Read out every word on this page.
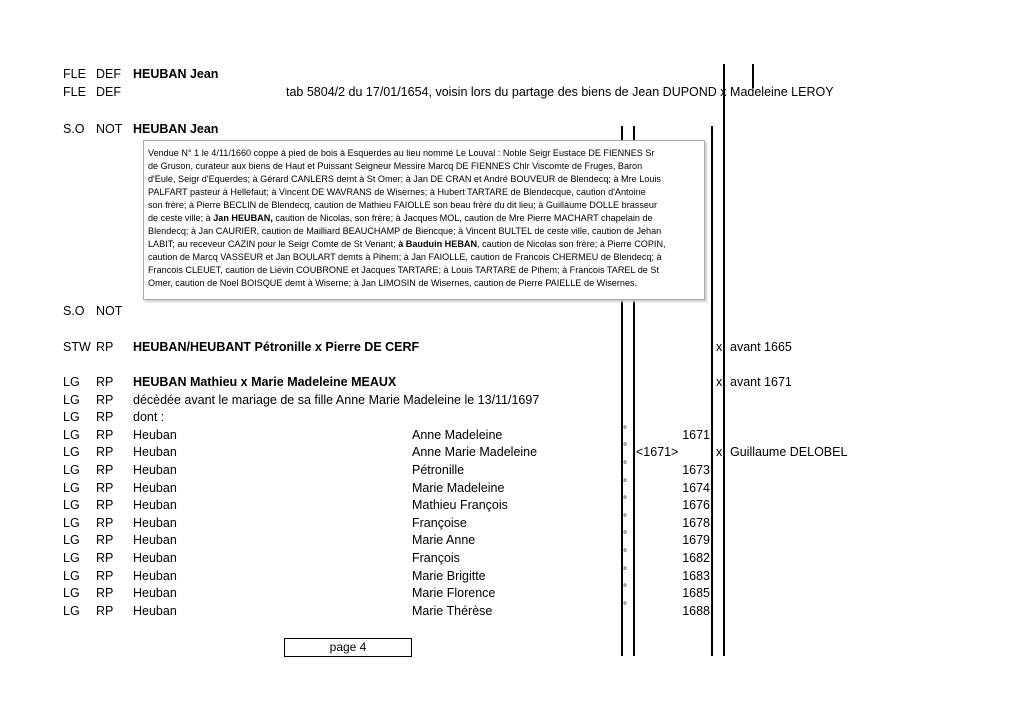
FLE DEF HEUBAN Jean
FLE DEF	tab 5804/2 du 17/01/1654, voisin lors du partage des biens de Jean DUPOND x Madeleine LEROY
S.O NOT HEUBAN Jean
S.O NOT
STW RP HEUBAN/HEUBANT Pétronille x Pierre DE CERF	x avant 1665
LG RP HEUBAN Mathieu x Marie Madeleine MEAUX	x avant 1671
LG RP décèdée avant le mariage de sa fille Anne Marie Madeleine le 13/11/1697
LG RP dont :
LG RP Heuban	Anne Madeleine	°	1671
LG RP Heuban	Anne Marie Madeleine	° <1671>	x Guillaume DELOBEL
LG RP Heuban	Pétronille	°	1673
LG RP Heuban	Marie Madeleine	°	1674
LG RP Heuban	Mathieu François	°	1676
LG RP Heuban	Françoise	°	1678
LG RP Heuban	Marie Anne	°	1679
LG RP Heuban	François	°	1682
LG RP Heuban	Marie Brigitte	°	1683
LG RP Heuban	Marie Florence	°	1685
LG RP Heuban	Marie Thérèse	°	1688

Vendue N° 1 le 4/11/1660 coppe à pied de bois à Esquerdes au lieu nommé Le Louval : Noble Seigr Eustace DE FIENNES Sr

de Gruson, curateur aux biens de Haut et Puissant Seigneur Messire Marcq DE FIENNES Chlr Viscomte de Fruges, Baron

d'Eule, Seigr d'Equerdes; à Gérard CANLERS demt à St Omer; à Jan DE CRAN et André BOUVEUR de Blendecq; à Mre Louis

PALFART pasteur à Hellefaut; à Vincent DE WAVRANS de Wisernes; à Hubert TARTARE de Blendecque, caution d'Antoine

son frère; à Pierre BECLIN de Blendecq, caution de Mathieu FAIOLLE son beau frère du dit lieu; à Guillaume DOLLE brasseur

de ceste ville; à Jan HEUBAN, caution de Nicolas, son frère; à Jacques MOL, caution de Mre Pierre MACHART chapelain de

Blendecq; à Jan CAURIER, caution de Mailliard BEAUCHAMP de Biencque; à Vincent BULTEL de ceste ville, caution de Jehan

LABIT; au receveur CAZIN pour le Seigr Comte de St Venant; à Bauduin HEBAN, caution de Nicolas son frère; à Pierre COPIN,

caution de Marcq VASSEUR et Jan BOULART demts à Pihem; à Jan FAIOLLE, caution de Francois CHERMEU de Blendecq; à

Francois CLEUET, caution de Liévin COUBRONE et Jacques TARTARE; à Louis TARTARE de Pihem; à Francois TAREL de St

Omer, caution de Noel BOISQUE demt à Wiserne; à Jan LIMOSIN de Wisernes, caution de Pierre PAIELLE de Wisernes.

page 4
